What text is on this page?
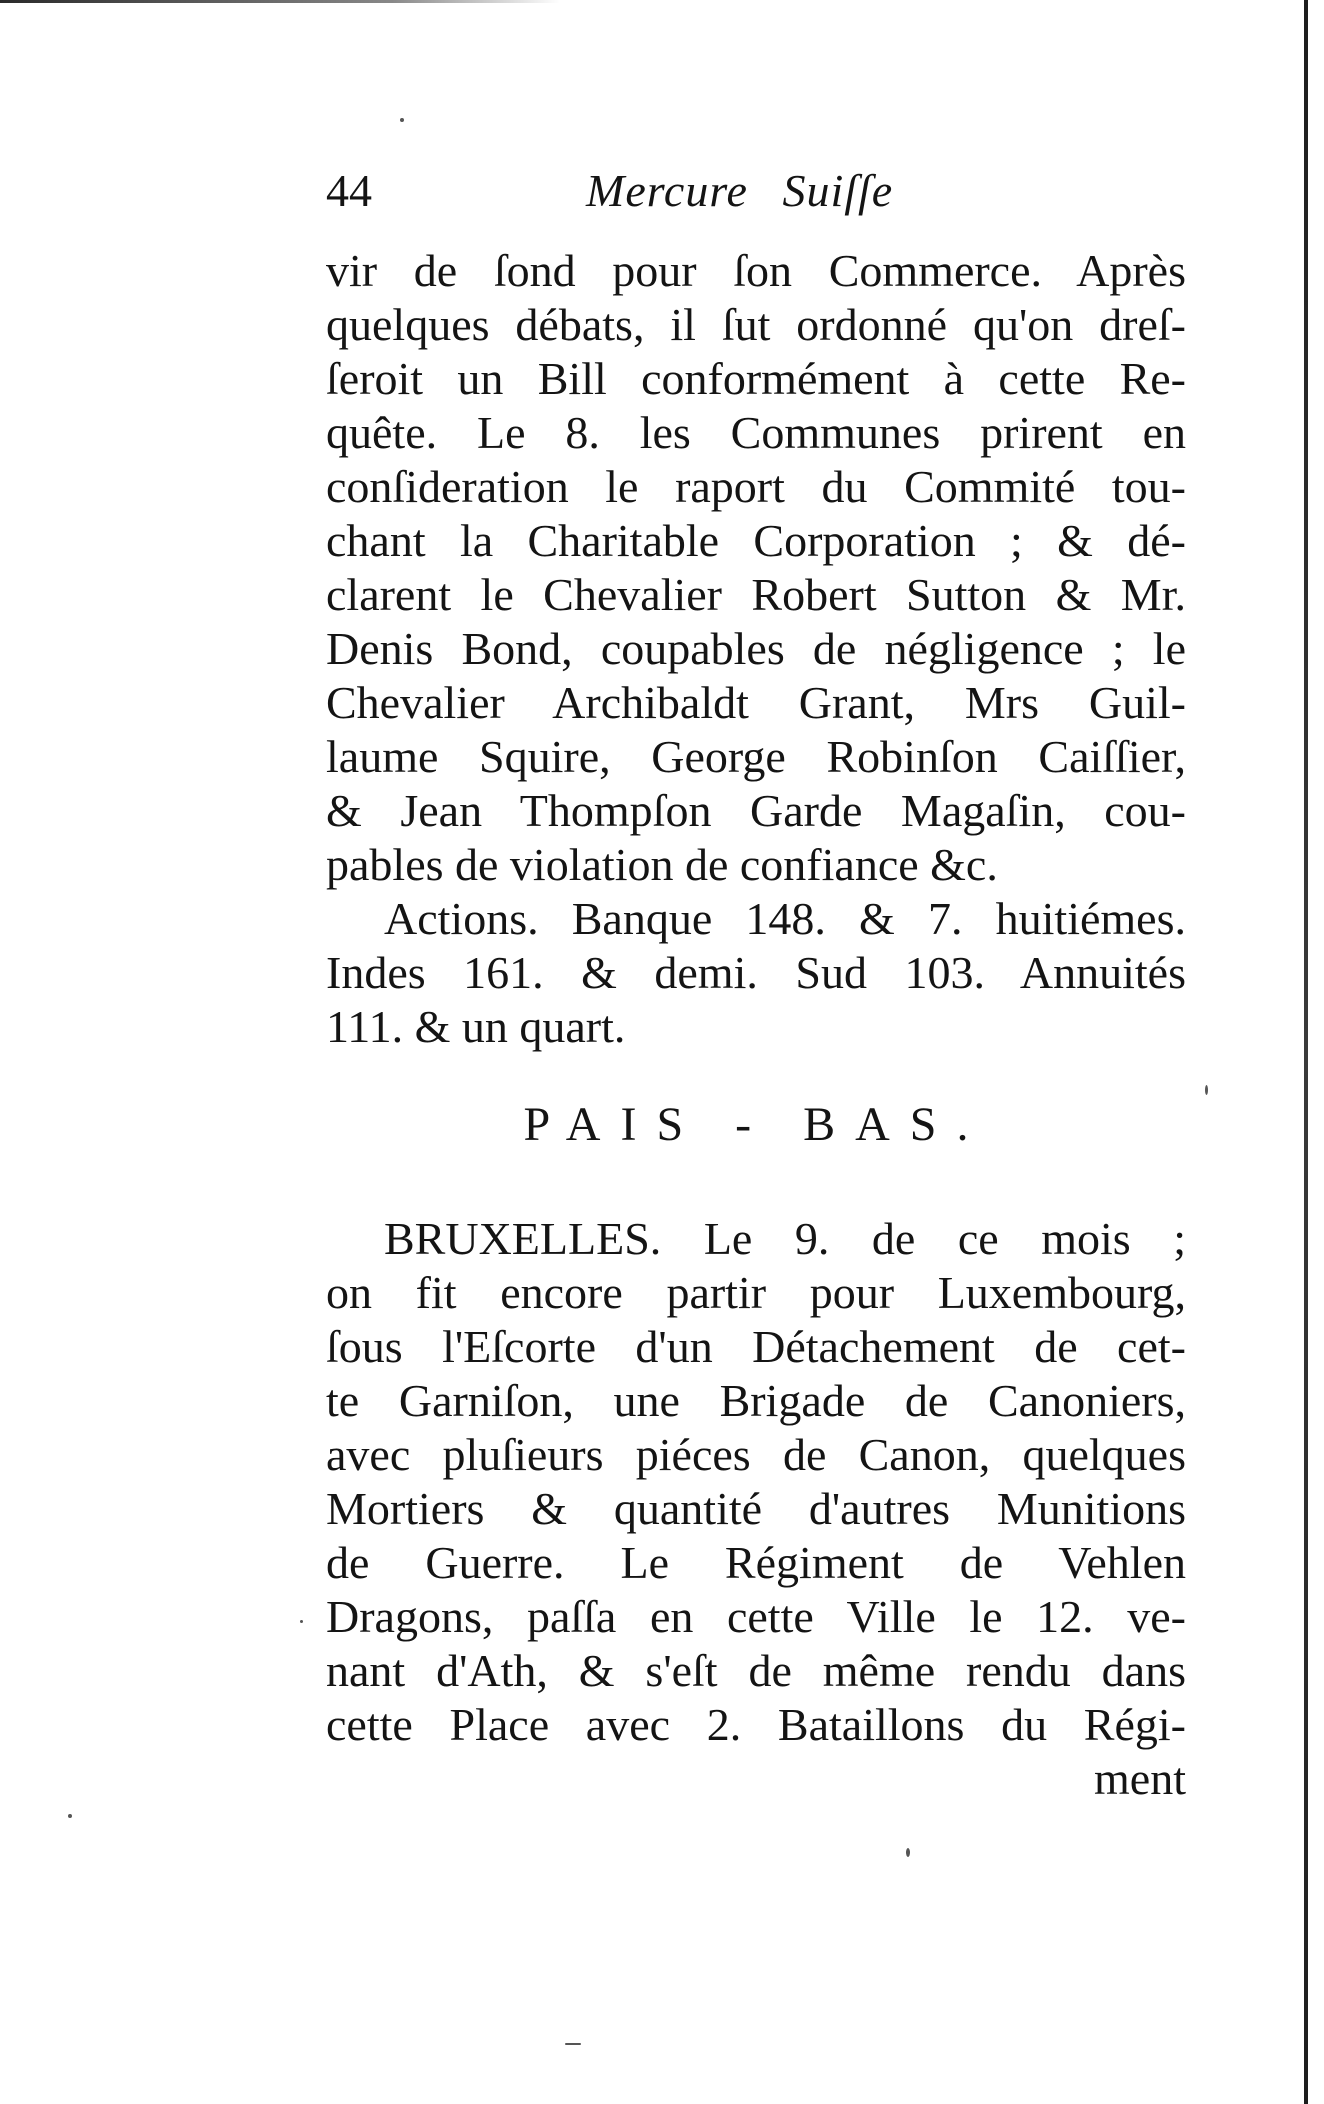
44	Mercure Suiſſe
vir de ſond pour ſon Commerce. Après
quelques débats, il ſut ordonné qu'on dreſ-
ſeroit un Bill conformément à cette Re-
quête. Le 8. les Communes prirent en
conſideration le raport du Commité tou-
chant la Charitable Corporation ; & dé-
clarent le Chevalier Robert Sutton & Mr.
Denis Bond, coupables de négligence ; le
Chevalier Archibaldt Grant, Mrs Guil-
laume Squire, George Robinſon Caiſſier,
& Jean Thompſon Garde Magaſin, cou-
pables de violation de confiance &c.
Actions. Banque 148. & 7. huitiémes.
Indes 161. & demi. Sud 103. Annuités
111. & un quart.
PAIS - BAS.
BRUXELLES. Le 9. de ce mois ;
on fit encore partir pour Luxembourg,
ſous l'Eſcorte d'un Détachement de cet-
te Garniſon, une Brigade de Canoniers,
avec pluſieurs piéces de Canon, quelques
Mortiers & quantité d'autres Munitions
de Guerre. Le Régiment de Vehlen
Dragons, paſſa en cette Ville le 12. ve-
nant d'Ath, & s'eſt de même rendu dans
cette Place avec 2. Bataillons du Régi-
ment
